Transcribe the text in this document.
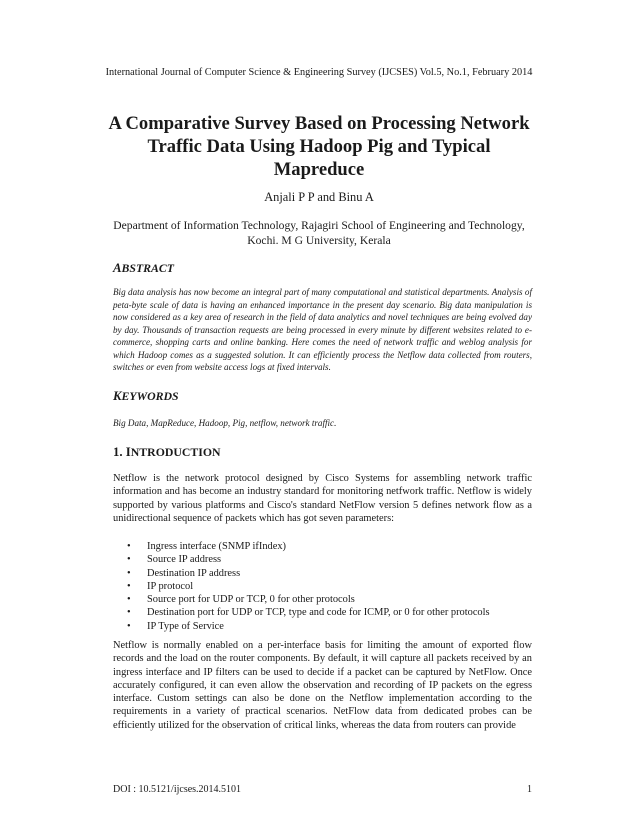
International Journal of Computer Science & Engineering Survey (IJCSES) Vol.5, No.1, February 2014
A Comparative Survey Based on Processing Network Traffic Data Using Hadoop Pig and Typical Mapreduce
Anjali P P and Binu A
Department of Information Technology, Rajagiri School of Engineering and Technology, Kochi. M G University, Kerala
ABSTRACT

Big data analysis has now become an integral part of many computational and statistical departments. Analysis of peta-byte scale of data is having an enhanced importance in the present day scenario. Big data manipulation is now considered as a key area of research in the field of data analytics and novel techniques are being evolved day by day. Thousands of transaction requests are being processed in every minute by different websites related to e-commerce, shopping carts and online banking. Here comes the need of network traffic and weblog analysis for which Hadoop comes as a suggested solution. It can efficiently process the Netflow data collected from routers, switches or even from website access logs at fixed intervals.

KEYWORDS

Big Data, MapReduce, Hadoop, Pig, netflow, network traffic.

1. INTRODUCTION

Netflow is the network protocol designed by Cisco Systems for assembling network traffic information and has become an industry standard for monitoring netfwork traffic. Netflow is widely supported by various platforms and Cisco's standard NetFlow version 5 defines network flow as a unidirectional sequence of packets which has got seven parameters:

• Ingress interface (SNMP ifIndex)
• Source IP address
• Destination IP address
• IP protocol
• Source port for UDP or TCP, 0 for other protocols
• Destination port for UDP or TCP, type and code for ICMP, or 0 for other protocols
• IP Type of Service

Netflow is normally enabled on a per-interface basis for limiting the amount of exported flow records and the load on the router components. By default, it will capture all packets received by an ingress interface and IP filters can be used to decide if a packet can be captured by NetFlow. Once accurately configured, it can even allow the observation and recording of IP packets on the egress interface. Custom settings can also be done on the Netflow implementation according to the requirements in a variety of practical scenarios. NetFlow data from dedicated probes can be efficiently utilized for the observation of critical links, whereas the data from routers can provide

DOI : 10.5121/ijcses.2014.5101	1
